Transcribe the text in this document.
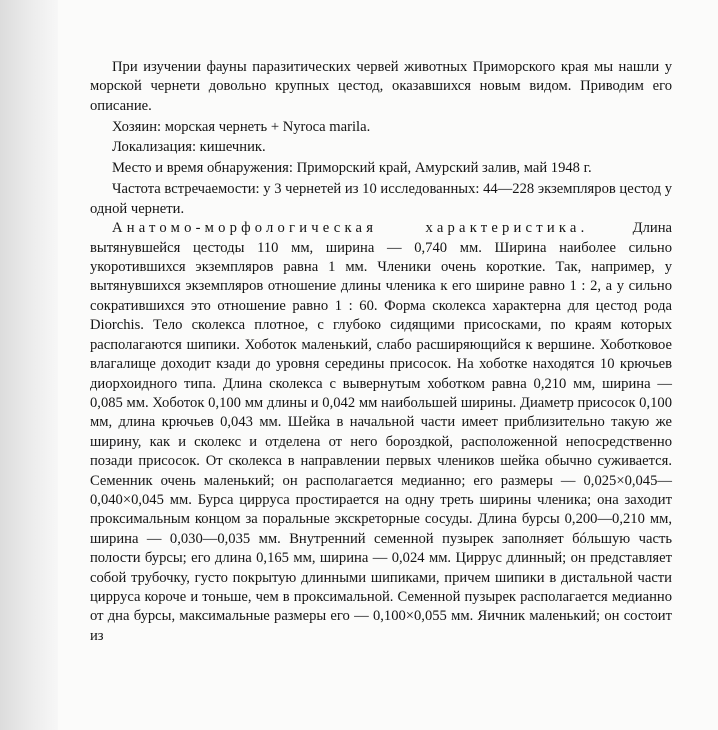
При изучении фауны паразитических червей животных Приморского края мы нашли у морской чернети довольно крупных цестод, оказавшихся новым видом. Приводим его описание.

Хозяин: морская чернеть + Nyroca marila.

Локализация: кишечник.

Место и время обнаружения: Приморский край, Амурский залив, май 1948 г.

Частота встречаемости: у 3 чернетей из 10 исследованных: 44—228 экземпляров цестод у одной чернети.

Анатомо-морфологическая характеристика.	Длина вытянувшейся цестоды 110 мм, ширина — 0,740 мм. Ширина наиболее сильно укоротившихся экземпляров равна 1 мм. Членики очень короткие. Так, например, у вытянувшихся экземпляров отношение длины членика к его ширине равно 1 : 2, а у сильно сократившихся это отношение равно 1 : 60. Форма сколекса характерна для цестод рода Diorchis. Тело сколекса плотное, с глубоко сидящими присосками, по краям которых располагаются шипики. Хоботок маленький, слабо расширяющийся к вершине. Хоботковое влагалище доходит кзади до уровня середины присосок. На хоботке находятся 10 крючьев диорхоидного типа. Длина сколекса с вывернутым хоботком равна 0,210 мм, ширина — 0,085 мм. Хоботок 0,100 мм длины и 0,042 мм наибольшей ширины. Диаметр присосок 0,100 мм, длина крючьев 0,043 мм. Шейка в начальной части имеет приблизительно такую же ширину, как и сколекс и отделена от него бороздкой, расположенной непосредственно позади присосок. От сколекса в направлении первых члеников шейка обычно суживается. Семенник очень маленький; он располагается медианно; его размеры — 0,025×0,045—0,040×0,045 мм. Бурса цирруса простирается на одну треть ширины членика; она заходит проксимальным концом за поральные экскреторные сосуды. Длина бурсы 0,200—0,210 мм, ширина — 0,030—0,035 мм. Внутренний семенной пузырек заполняет бóльшую часть полости бурсы; его длина 0,165 мм, ширина — 0,024 мм. Циррус длинный; он представляет собой трубочку, густо покрытую длинными шипиками, причем шипики в дистальной части цирруса короче и тоньше, чем в проксимальной. Семенной пузырек располагается медианно от дна бурсы, максимальные размеры его — 0,100×0,055 мм. Яичник маленький; он состоит из
